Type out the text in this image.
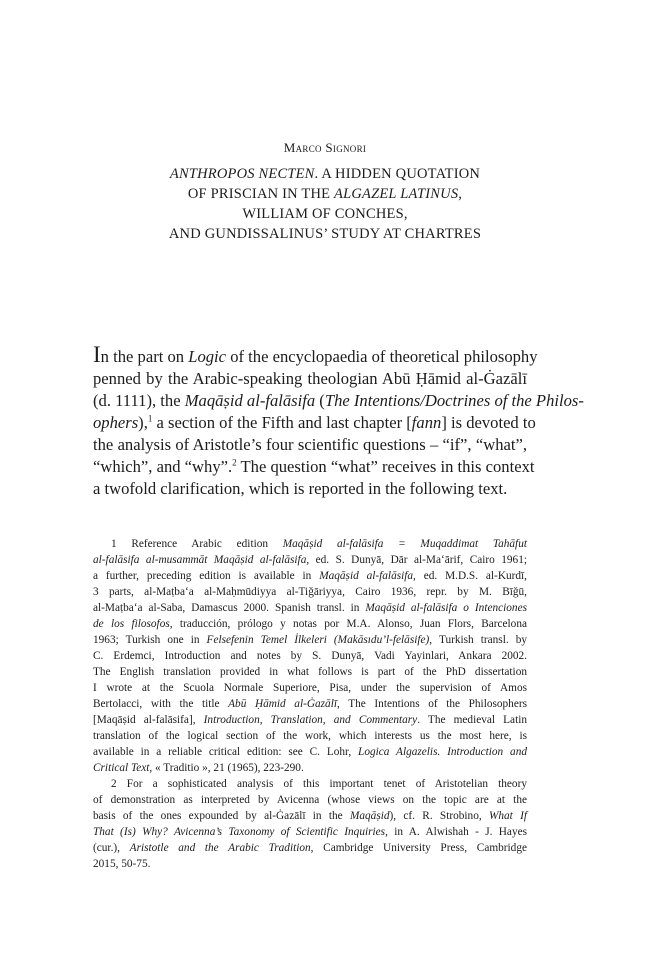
Marco Signori
ANTHROPOS NECTEN. A HIDDEN QUOTATION
OF PRISCIAN IN THE ALGAZEL LATINUS,
WILLIAM OF CONCHES,
AND GUNDISSALINUS’ STUDY AT CHARTRES
In the part on Logic of the encyclopaedia of theoretical philosophy
penned by the Arabic-speaking theologian Abū Ḥāmid al-Ġazālī
(d. 1111), the Maqāṣid al-falāsifa (The Intentions/Doctrines of the Philos-
ophers),$^1$ a section of the Fifth and last chapter [fann] is devoted to
the analysis of Aristotle’s four scientific questions – “if”, “what”,
“which”, and “why”.$^2$ The question “what” receives in this context
a twofold clarification, which is reported in the following text.
1 Reference Arabic edition Maqāṣid al-falāsifa = Muqaddimat Tahāfut
al-falāsifa al-musammāt Maqāṣid al-falāsifa, ed. S. Dunyā, Dār al-Ma‘ārif, Cairo 1961;
a further, preceding edition is available in Maqāṣid al-falāsifa, ed. M.D.S. al-Kurdī,
3 parts, al-Maṭba‘a al-Maḥmūdiyya al-Tiǧāriyya, Cairo 1936, repr. by M. Bīǧū,
al-Maṭba‘a al-Saba, Damascus 2000. Spanish transl. in Maqāṣid al-falāsifa o Intenciones
de los filosofos, traducción, prólogo y notas por M.A. Alonso, Juan Flors, Barcelona
1963; Turkish one in Felsefenin Temel İlkeleri (Makāsıdu’l-felāsife), Turkish transl. by
C. Erdemci, Introduction and notes by S. Dunyā, Vadi Yayinlari, Ankara 2002.
The English translation provided in what follows is part of the PhD dissertation
I wrote at the Scuola Normale Superiore, Pisa, under the supervision of Amos
Bertolacci, with the title Abū Ḥāmid al-Ġazālī, The Intentions of the Philosophers
[Maqāṣid al-falāsifa], Introduction, Translation, and Commentary. The medieval Latin
translation of the logical section of the work, which interests us the most here, is
available in a reliable critical edition: see C. Lohr, Logica Algazelis. Introduction and
Critical Text, « Traditio », 21 (1965), 223-290.
2 For a sophisticated analysis of this important tenet of Aristotelian theory
of demonstration as interpreted by Avicenna (whose views on the topic are at the
basis of the ones expounded by al-Ġazālī in the Maqāṣid), cf. R. Strobino, What If
That (Is) Why? Avicenna’s Taxonomy of Scientific Inquiries, in A. Alwishah - J. Hayes
(cur.), Aristotle and the Arabic Tradition, Cambridge University Press, Cambridge
2015, 50-75.
